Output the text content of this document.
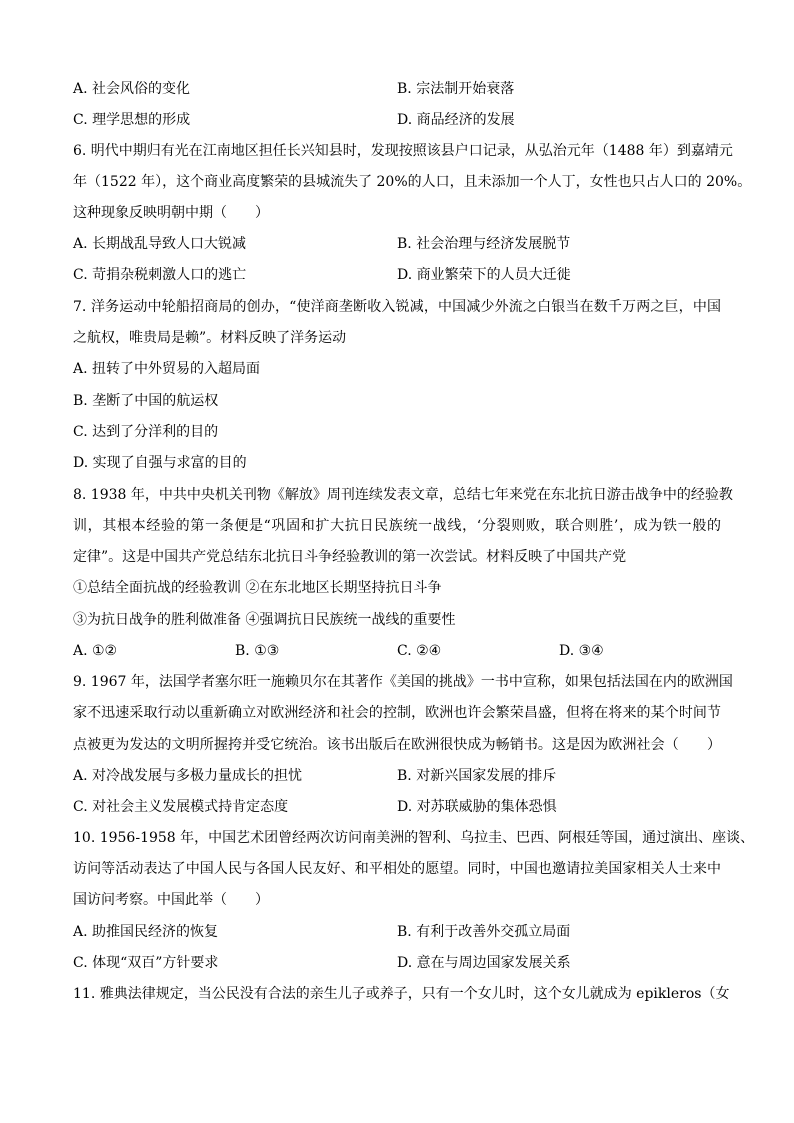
A. 社会风俗的变化	B. 宗法制开始衰落
C. 理学思想的形成	D. 商品经济的发展
6. 明代中期归有光在江南地区担任长兴知县时，发现按照该县户口记录，从弘治元年（1488 年）到嘉靖元
年（1522 年），这个商业高度繁荣的县城流失了 20%的人口，且未添加一个人丁，女性也只占人口的 20%。
这种现象反映明朝中期（　　）
A. 长期战乱导致人口大锐减	B. 社会治理与经济发展脱节
C. 苛捐杂税刺激人口的逃亡	D. 商业繁荣下的人员大迁徙
7. 洋务运动中轮船招商局的创办，“使洋商垄断收入锐减，中国减少外流之白银当在数千万两之巨，中国
之航权，唯贵局是赖”。材料反映了洋务运动
A. 扭转了中外贸易的入超局面
B. 垄断了中国的航运权
C. 达到了分洋利的目的
D. 实现了自强与求富的目的
8. 1938 年，中共中央机关刊物《解放》周刊连续发表文章，总结七年来党在东北抗日游击战争中的经验教
训，其根本经验的第一条便是“巩固和扩大抗日民族统一战线，‘分裂则败，联合则胜’，成为铁一般的
定律”。这是中国共产党总结东北抗日斗争经验教训的第一次尝试。材料反映了中国共产党
①总结全面抗战的经验教训 ②在东北地区长期坚持抗日斗争
③为抗日战争的胜利做准备 ④强调抗日民族统一战线的重要性
A. ①②	B. ①③	C. ②④	D. ③④
9. 1967 年，法国学者塞尔旺一施赖贝尔在其著作《美国的挑战》一书中宣称，如果包括法国在内的欧洲国
家不迅速采取行动以重新确立对欧洲经济和社会的控制，欧洲也许会繁荣昌盛，但将在将来的某个时间节
点被更为发达的文明所握挎并受它统治。该书出版后在欧洲很快成为畅销书。这是因为欧洲社会（　　）
A. 对冷战发展与多极力量成长的担忧	B. 对新兴国家发展的排斥
C. 对社会主义发展模式持肯定态度	D. 对苏联威胁的集体恐惧
10. 1956-1958 年，中国艺术团曾经两次访问南美洲的智利、乌拉圭、巴西、阿根廷等国，通过演出、座谈、
访问等活动表达了中国人民与各国人民友好、和平相处的愿望。同时，中国也邀请拉美国家相关人士来中
国访问考察。中国此举（　　）
A. 助推国民经济的恢复	B. 有利于改善外交孤立局面
C. 体现“双百”方针要求	D. 意在与周边国家发展关系
11. 雅典法律规定，当公民没有合法的亲生儿子或养子，只有一个女儿时，这个女儿就成为 epikleros（女
